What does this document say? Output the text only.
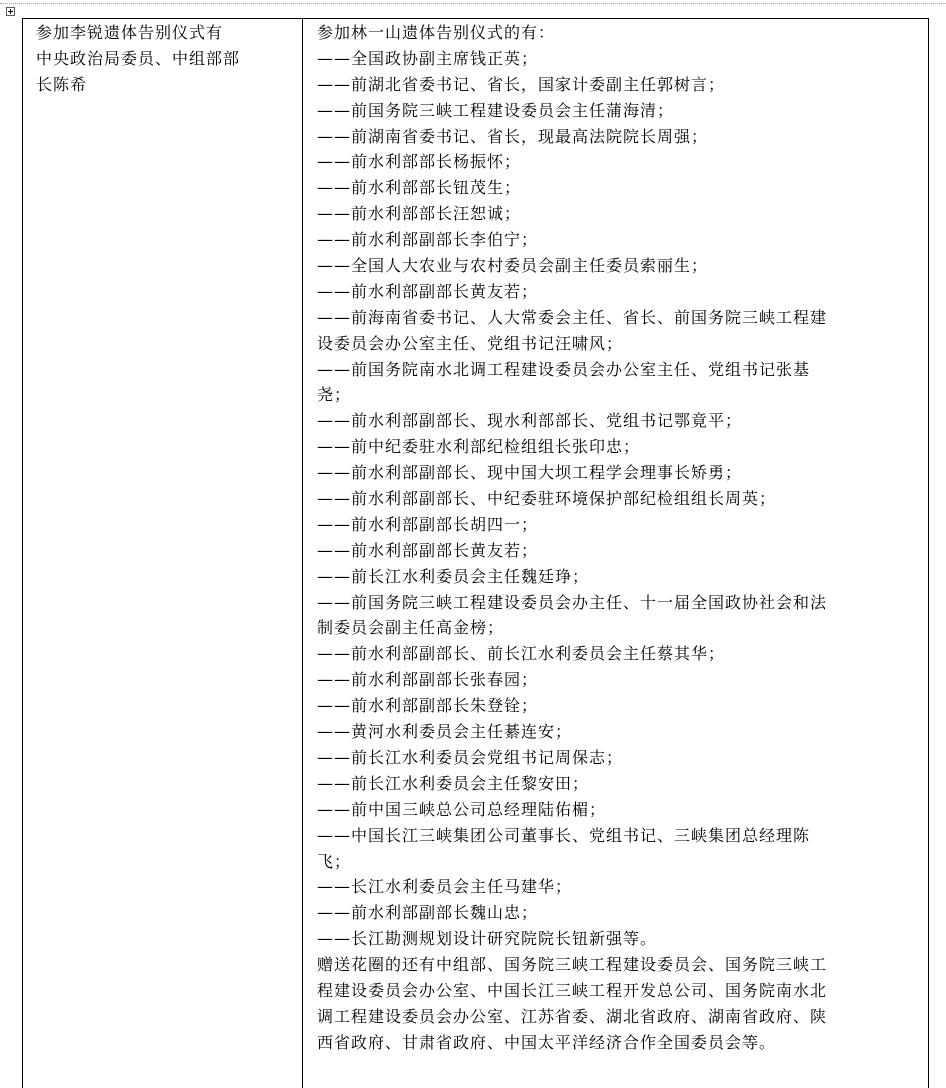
参加李锐遗体告别仪式有
中央政治局委员、中组部部
长陈希
参加林一山遗体告别仪式的有：
——全国政协副主席钱正英；
——前湖北省委书记、省长，国家计委副主任郭树言；
——前国务院三峡工程建设委员会主任蒲海清；
——前湖南省委书记、省长，现最高法院院长周强；
——前水利部部长杨振怀；
——前水利部部长钮茂生；
——前水利部部长汪恕诚；
——前水利部副部长李伯宁；
——全国人大农业与农村委员会副主任委员索丽生；
——前水利部副部长黄友若；
——前海南省委书记、人大常委会主任、省长、前国务院三峡工程建
设委员会办公室主任、党组书记汪啸风；
——前国务院南水北调工程建设委员会办公室主任、党组书记张基
尧；
——前水利部副部长、现水利部部长、党组书记鄂竟平；
——前中纪委驻水利部纪检组组长张印忠；
——前水利部副部长、现中国大坝工程学会理事长矫勇；
——前水利部副部长、中纪委驻环境保护部纪检组组长周英；
——前水利部副部长胡四一；
——前水利部副部长黄友若；
——前长江水利委员会主任魏廷琤；
——前国务院三峡工程建设委员会办主任、十一届全国政协社会和法
制委员会副主任高金榜；
——前水利部副部长、前长江水利委员会主任蔡其华；
——前水利部副部长张春园；
——前水利部副部长朱登铨；
——黄河水利委员会主任綦连安；
——前长江水利委员会党组书记周保志；
——前长江水利委员会主任黎安田；
——前中国三峡总公司总经理陆佑楣；
——中国长江三峡集团公司董事长、党组书记、三峡集团总经理陈
飞；
——长江水利委员会主任马建华；
——前水利部副部长魏山忠；
——长江勘测规划设计研究院院长钮新强等。
赠送花圈的还有中组部、国务院三峡工程建设委员会、国务院三峡工
程建设委员会办公室、中国长江三峡工程开发总公司、国务院南水北
调工程建设委员会办公室、江苏省委、湖北省政府、湖南省政府、陕
西省政府、甘肃省政府、中国太平洋经济合作全国委员会等。
